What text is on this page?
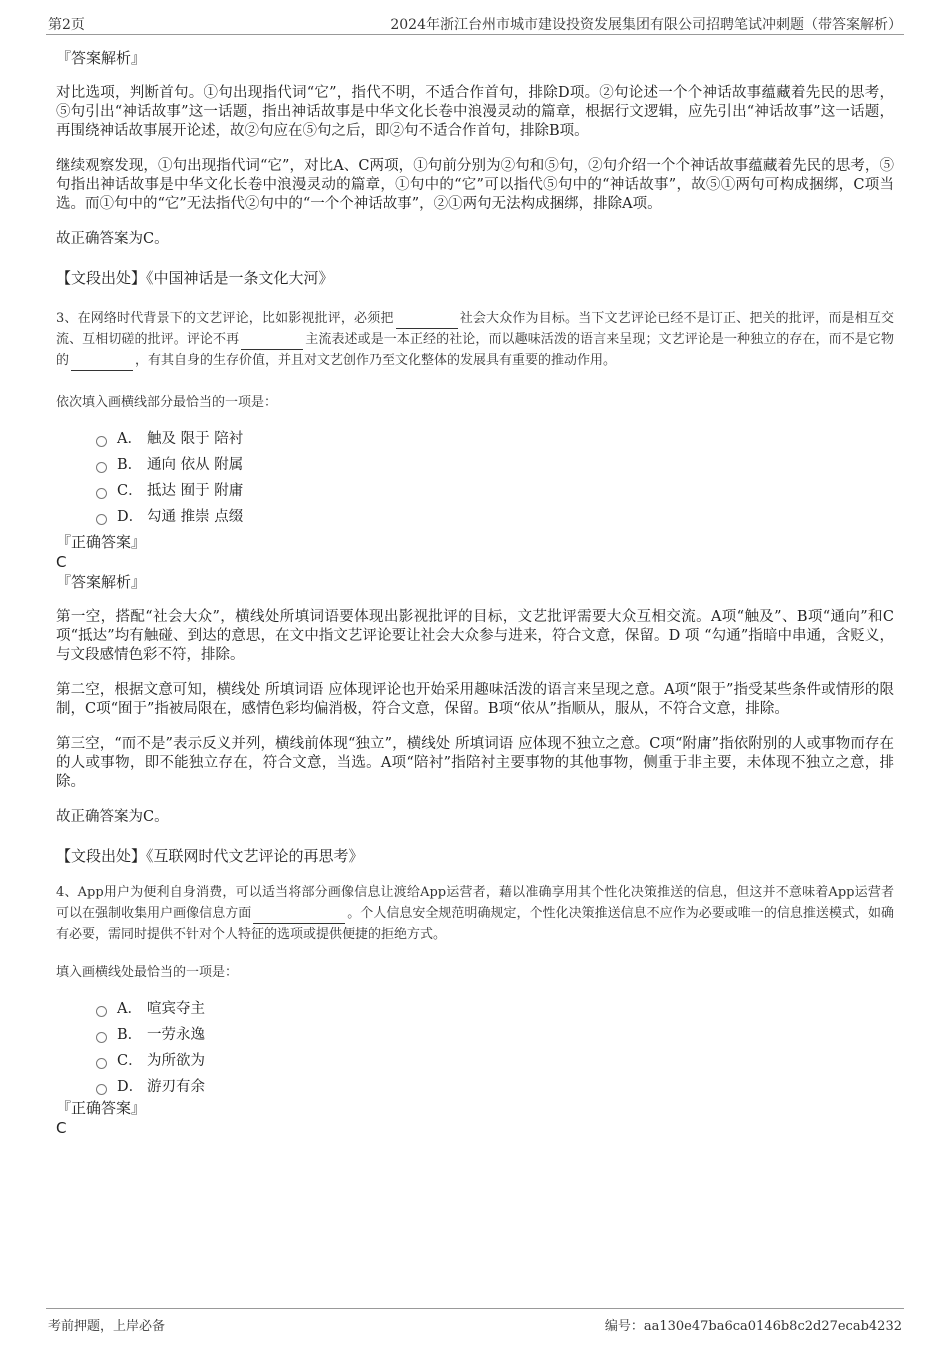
第2页	2024年浙江台州市城市建设投资发展集团有限公司招聘笔试冲刺题（带答案解析）

『答案解析』

对比选项，判断首句。①句出现指代词“它”，指代不明，不适合作首句，排除D项。②句论述一个个神话故事蕴藏着先民的思考，⑤句引出“神话故事”这一话题，指出神话故事是中华文化长卷中浪漫灵动的篇章，根据行文逻辑，应先引出“神话故事”这一话题，再围绕神话故事展开论述，故②句应在⑤句之后，即②句不适合作首句，排除B项。

继续观察发现，①句出现指代词“它”，对比A、C两项，①句前分别为②句和⑤句，②句介绍一个个神话故事蕴藏着先民的思考，⑤句指出神话故事是中华文化长卷中浪漫灵动的篇章，①句中的“它”可以指代⑤句中的“神话故事”，故⑤①两句可构成捆绑，C项当选。而①句中的“它”无法指代②句中的“一个个神话故事”，②①两句无法构成捆绑，排除A项。

故正确答案为C。

【文段出处】《中国神话是一条文化大河》

3、在网络时代背景下的文艺评论，比如影视批评，必须把	社会大众作为目标。当下文艺评论已经不是订正、把关的批评，而是相互交流、互相切磋的批评。评论不再	主流表述或是一本正经的社论，而以趣味活泼的语言来呈现；文艺评论是一种独立的存在，而不是它物的	，有其自身的生存价值，并且对文艺创作乃至文化整体的发展具有重要的推动作用。

依次填入画横线部分最恰当的一项是：

A． 触及 限于 陪衬
B． 通向 依从 附属
C． 抵达 囿于 附庸
D． 勾通 推崇 点缀

『正确答案』

C

『答案解析』

第一空，搭配“社会大众”，横线处所填词语要体现出影视批评的目标，文艺批评需要大众互相交流。A项“触及”、B项“通向”和C项“抵达”均有触碰、到达的意思，在文中指文艺评论要让社会大众参与进来，符合文意，保留。D 项 “勾通”指暗中串通，含贬义，与文段感情色彩不符，排除。

第二空，根据文意可知，横线处 所填词语 应体现评论也开始采用趣味活泼的语言来呈现之意。A项“限于”指受某些条件或情形的限制，C项“囿于”指被局限在，感情色彩均偏消极，符合文意，保留。B项“依从”指顺从，服从，不符合文意，排除。

第三空，“而不是”表示反义并列，横线前体现“独立”，横线处 所填词语 应体现不独立之意。C项“附庸”指依附别的人或事物而存在的人或事物，即不能独立存在，符合文意，当选。A项“陪衬”指陪衬主要事物的其他事物，侧重于非主要，未体现不独立之意，排除。

故正确答案为C。

【文段出处】《互联网时代文艺评论的再思考》

4、App用户为便利自身消费，可以适当将部分画像信息让渡给App运营者，藉以准确享用其个性化决策推送的信息，但这并不意味着App运营者可以在强制收集用户画像信息方面	。个人信息安全规范明确规定，个性化决策推送信息不应作为必要或唯一的信息推送模式，如确有必要，需同时提供不针对个人特征的选项或提供便捷的拒绝方式。

填入画横线处最恰当的一项是：

A． 喧宾夺主
B． 一劳永逸
C． 为所欲为
D． 游刃有余

『正确答案』

C

考前押题，上岸必备	编号：aa130e47ba6ca0146b8c2d27ecab4232
